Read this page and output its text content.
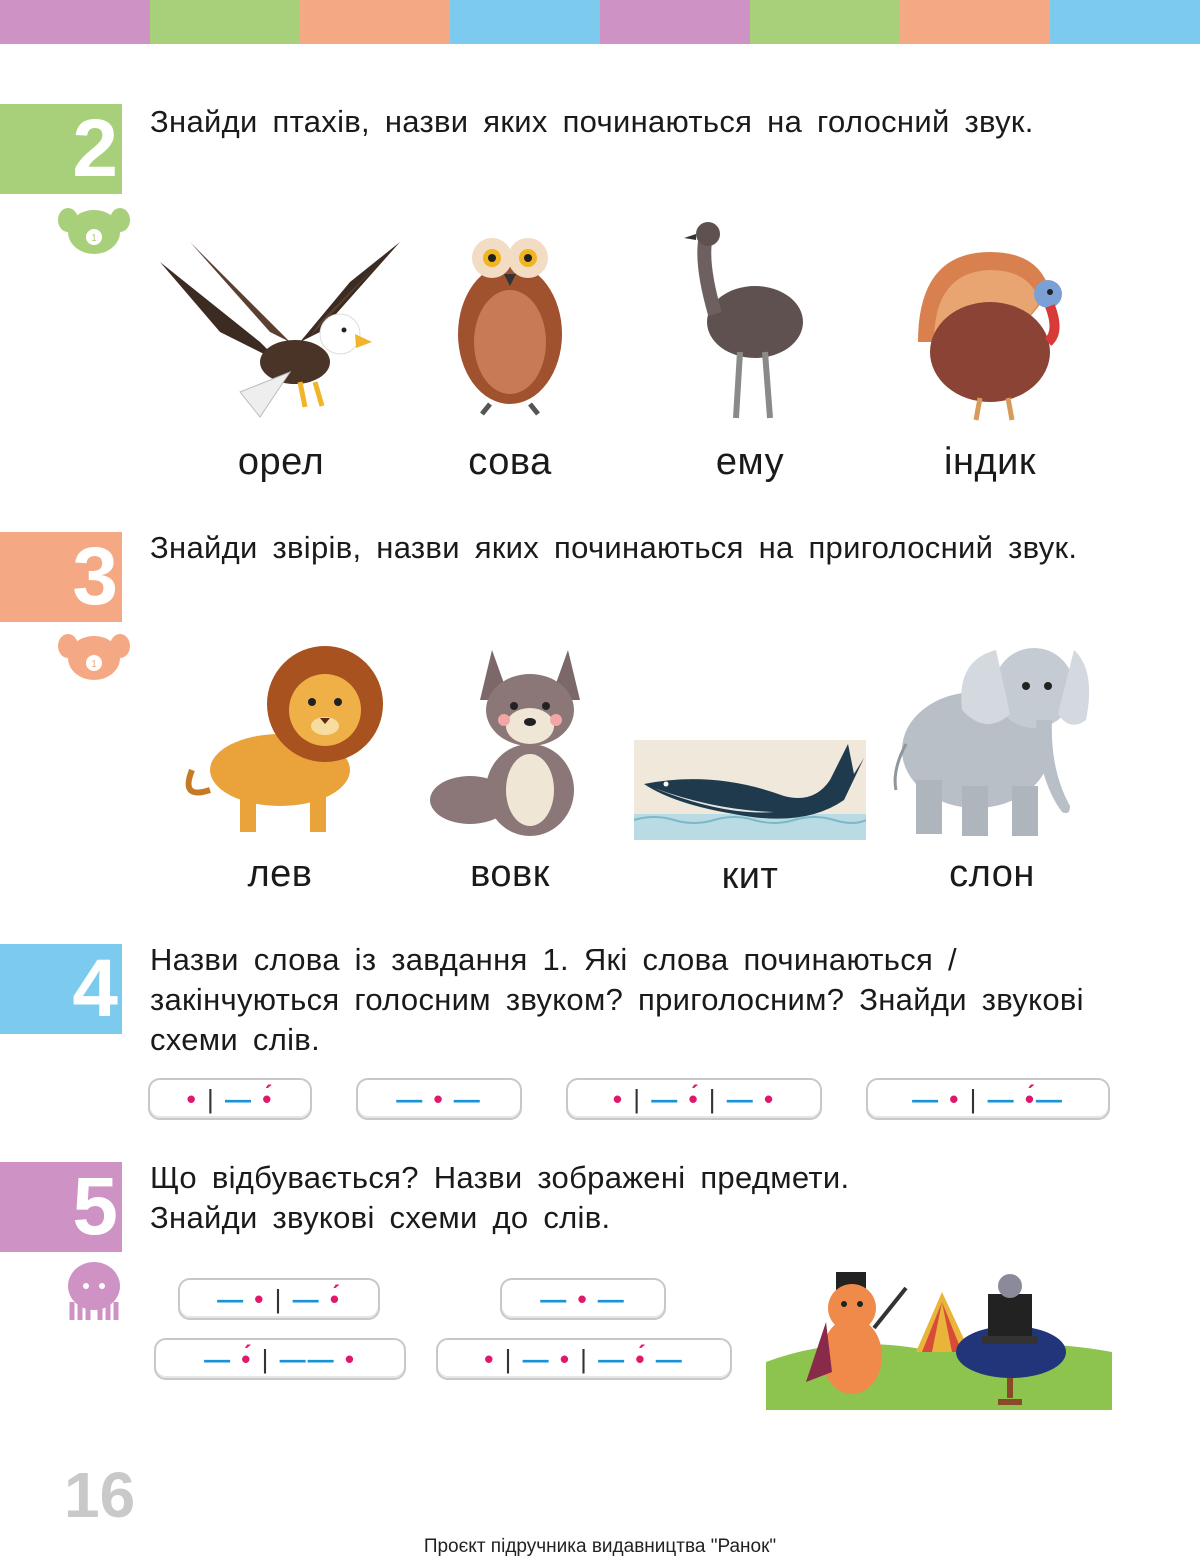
2
1
Знайди птахів, назви яких починаються на голосний звук.
орел	сова	ему	індик
3
1
Знайди звірів, назви яких починаються на приголосний звук.
лев	вовк	кит	слон
4 Назви слова із завдання 1. Які слова починаються / закінчуються голосним звуком? приголосним? Знайди звукові схеми слів.
• | — •́	— • —	• | — •́ | — •	— • | — •́ —
5 Що відбувається? Назви зображені предмети. Знайди звукові схеми до слів.
— • | — •́	— • —
— •́ | —— •	• | — • | — •́ —
16
Проєкт підручника видавництва "Ранок"
